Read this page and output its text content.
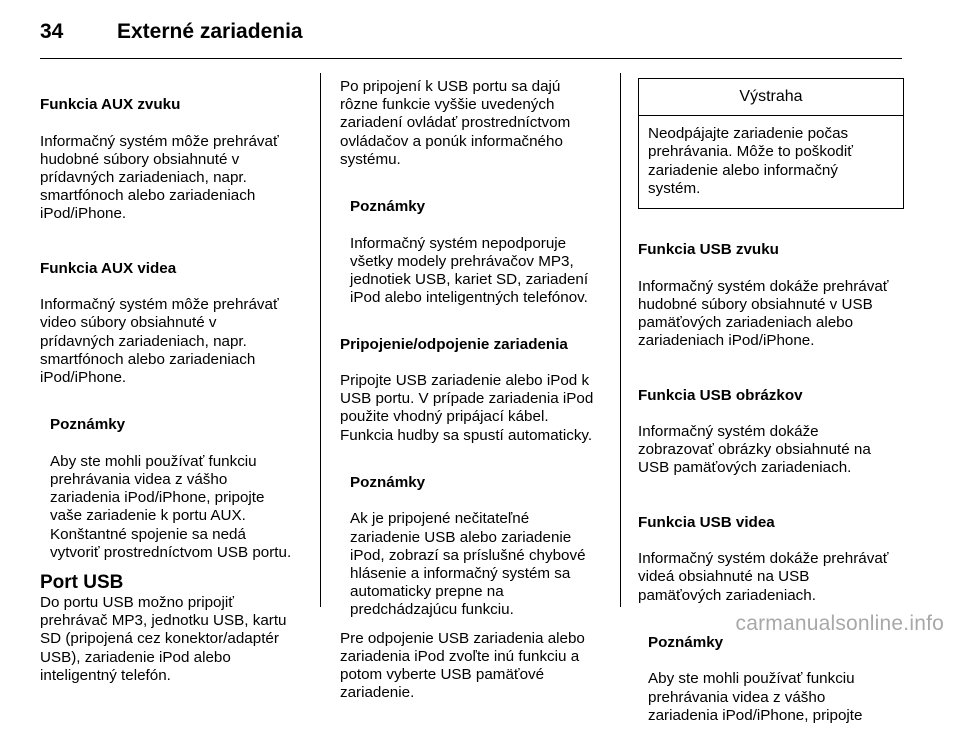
34	Externé zariadenia

Funkcia AUX zvuku

Informačný systém môže prehrávať
hudobné súbory obsiahnuté v
prídavných zariadeniach, napr.
smartfónoch alebo zariadeniach
iPod/iPhone.

Funkcia AUX videa

Informačný systém môže prehrávať
video súbory obsiahnuté v
prídavných zariadeniach, napr.
smartfónoch alebo zariadeniach
iPod/iPhone.

Poznámky

Aby ste mohli používať funkciu
prehrávania videa z vášho
zariadenia iPod/iPhone, pripojte
vaše zariadenie k portu AUX.
Konštantné spojenie sa nedá
vytvoriť prostredníctvom USB portu.

Port USB
Do portu USB možno pripojiť
prehrávač MP3, jednotku USB, kartu
SD (pripojená cez konektor/adaptér
USB), zariadenie iPod alebo
inteligentný telefón.
Po pripojení k USB portu sa dajú
rôzne funkcie vyššie uvedených
zariadení ovládať prostredníctvom
ovládačov a ponúk informačného
systému.

Poznámky

Informačný systém nepodporuje
všetky modely prehrávačov MP3,
jednotiek USB, kariet SD, zariadení
iPod alebo inteligentných telefónov.

Pripojenie/odpojenie zariadenia

Pripojte USB zariadenie alebo iPod k
USB portu. V prípade zariadenia iPod
použite vhodný pripájací kábel.
Funkcia hudby sa spustí automaticky.

Poznámky

Ak je pripojené nečitateľné
zariadenie USB alebo zariadenie
iPod, zobrazí sa príslušné chybové
hlásenie a informačný systém sa
automaticky prepne na
predchádzajúcu funkciu.

Pre odpojenie USB zariadenia alebo
zariadenia iPod zvoľte inú funkciu a
potom vyberte USB pamäťové
zariadenie.
Výstraha
Neodpájajte zariadenie počas
prehrávania. Môže to poškodiť
zariadenie alebo informačný
systém.

Funkcia USB zvuku

Informačný systém dokáže prehrávať
hudobné súbory obsiahnuté v USB
pamäťových zariadeniach alebo
zariadeniach iPod/iPhone.

Funkcia USB obrázkov

Informačný systém dokáže
zobrazovať obrázky obsiahnuté na
USB pamäťových zariadeniach.

Funkcia USB videa

Informačný systém dokáže prehrávať
videá obsiahnuté na USB
pamäťových zariadeniach.

Poznámky

Aby ste mohli používať funkciu
prehrávania videa z vášho
zariadenia iPod/iPhone, pripojte

carmanualsonline.info
